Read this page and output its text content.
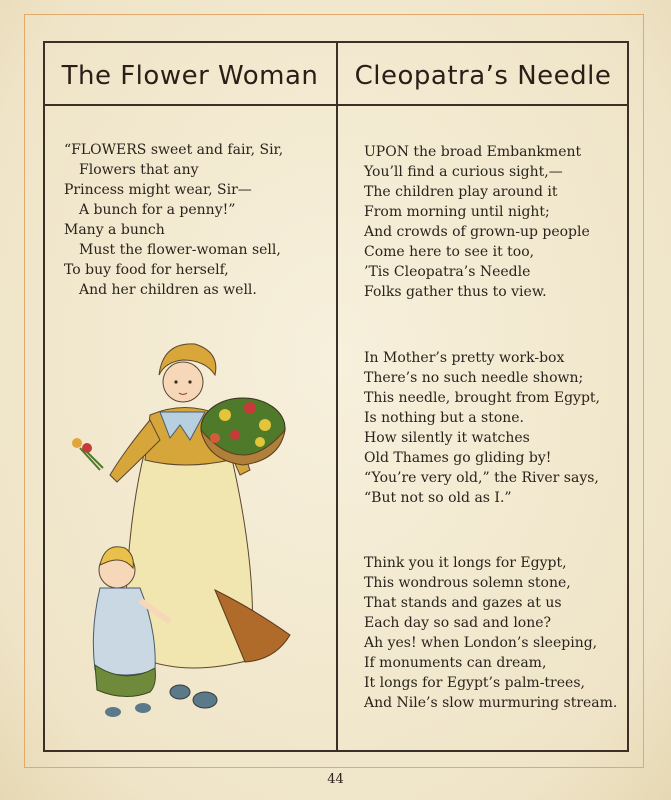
The Flower Woman	Cleopatra’s Needle
“FLOWERS sweet and fair, Sir,
Flowers that any
Princess might wear, Sir—
A bunch for a penny!”
Many a bunch
Must the flower-woman sell,
To buy food for herself,
And her children as well.
UPON the broad Embankment
You’ll find a curious sight,—
The children play around it
From morning until night;
And crowds of grown-up people
Come here to see it too,
’Tis Cleopatra’s Needle
Folks gather thus to view.
In Mother’s pretty work-box
There’s no such needle shown;
This needle, brought from Egypt,
Is nothing but a stone.
How silently it watches
Old Thames go gliding by!
“You’re very old,” the River says,
“But not so old as I.”
Think you it longs for Egypt,
This wondrous solemn stone,
That stands and gazes at us
Each day so sad and lone?
Ah yes! when London’s sleeping,
If monuments can dream,
It longs for Egypt’s palm-trees,
And Nile’s slow murmuring stream.
44
